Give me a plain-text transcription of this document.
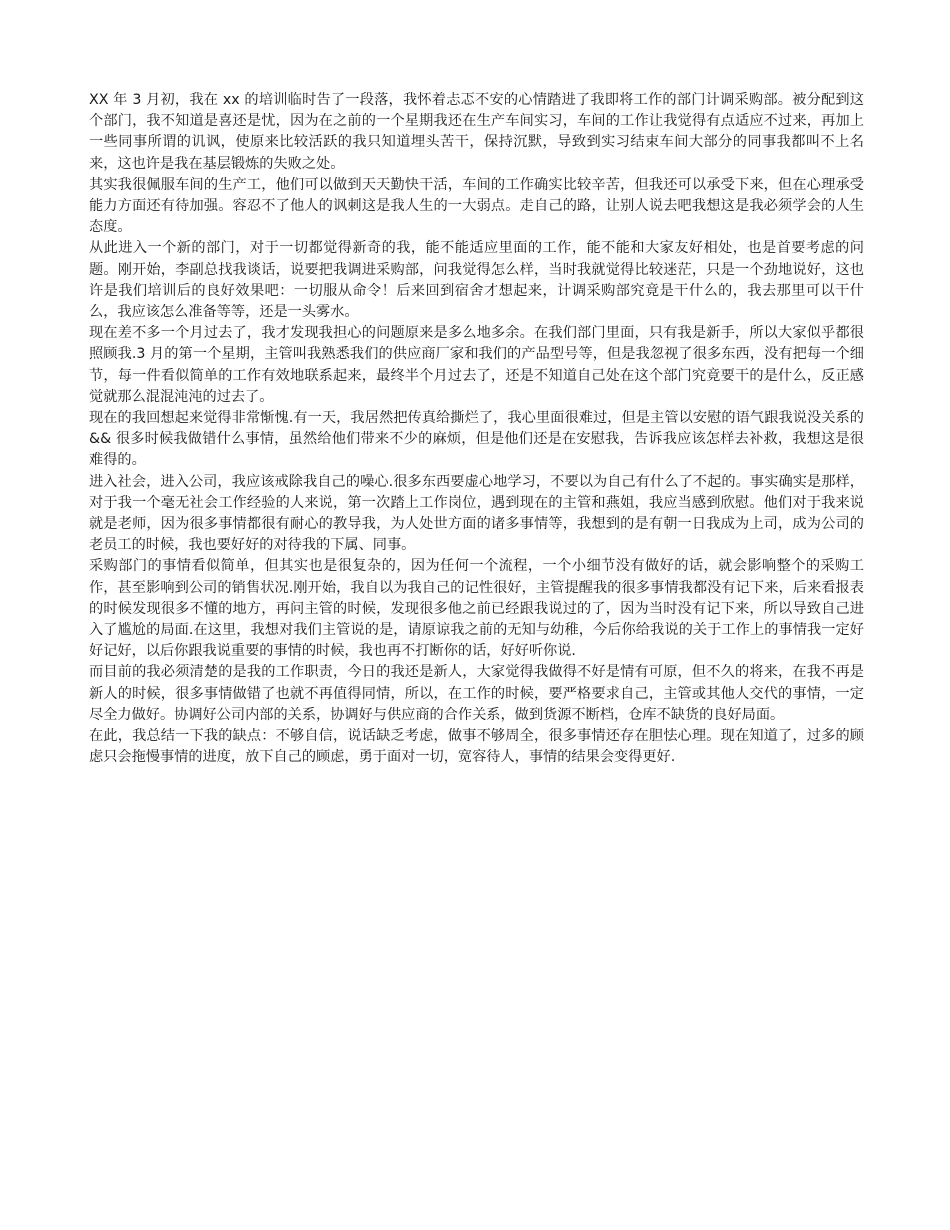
XX 年 3 月初，我在 xx 的培训临时告了一段落，我怀着忐忑不安的心情踏进了我即将工作的部门计调采购部。被分配到这个部门，我不知道是喜还是忧，因为在之前的一个星期我还在生产车间实习，车间的工作让我觉得有点适应不过来，再加上一些同事所谓的讥讽，使原来比较活跃的我只知道埋头苦干，保持沉默，导致到实习结束车间大部分的同事我都叫不上名来，这也许是我在基层锻炼的失败之处。

其实我很佩服车间的生产工，他们可以做到天天勤快干活，车间的工作确实比较辛苦，但我还可以承受下来，但在心理承受能力方面还有待加强。容忍不了他人的讽刺这是我人生的一大弱点。走自己的路，让别人说去吧我想这是我必须学会的人生态度。

从此进入一个新的部门，对于一切都觉得新奇的我，能不能适应里面的工作，能不能和大家友好相处，也是首要考虑的问题。刚开始，李副总找我谈话，说要把我调进采购部，问我觉得怎么样，当时我就觉得比较迷茫，只是一个劲地说好，这也许是我们培训后的良好效果吧：一切服从命令！后来回到宿舍才想起来，计调采购部究竟是干什么的，我去那里可以干什么，我应该怎么准备等等，还是一头雾水。

现在差不多一个月过去了，我才发现我担心的问题原来是多么地多余。在我们部门里面，只有我是新手，所以大家似乎都很照顾我.3 月的第一个星期，主管叫我熟悉我们的供应商厂家和我们的产品型号等，但是我忽视了很多东西，没有把每一个细节，每一件看似简单的工作有效地联系起来，最终半个月过去了，还是不知道自己处在这个部门究竟要干的是什么，反正感觉就那么混混沌沌的过去了。

现在的我回想起来觉得非常惭愧.有一天，我居然把传真给撕烂了，我心里面很难过，但是主管以安慰的语气跟我说没关系的&& 很多时候我做错什么事情，虽然给他们带来不少的麻烦，但是他们还是在安慰我，告诉我应该怎样去补救，我想这是很难得的。

进入社会，进入公司，我应该戒除我自己的噪心.很多东西要虚心地学习，不要以为自己有什么了不起的。事实确实是那样，对于我一个毫无社会工作经验的人来说，第一次踏上工作岗位，遇到现在的主管和燕姐，我应当感到欣慰。他们对于我来说就是老师，因为很多事情都很有耐心的教导我，为人处世方面的诸多事情等，我想到的是有朝一日我成为上司，成为公司的老员工的时候，我也要好好的对待我的下属、同事。

采购部门的事情看似简单，但其实也是很复杂的，因为任何一个流程，一个小细节没有做好的话，就会影响整个的采购工作，甚至影响到公司的销售状况.刚开始，我自以为我自己的记性很好，主管提醒我的很多事情我都没有记下来，后来看报表的时候发现很多不懂的地方，再问主管的时候，发现很多他之前已经跟我说过的了，因为当时没有记下来，所以导致自己进入了尴尬的局面.在这里，我想对我们主管说的是，请原谅我之前的无知与幼稚，今后你给我说的关于工作上的事情我一定好好记好，以后你跟我说重要的事情的时候，我也再不打断你的话，好好听你说.

而目前的我必须清楚的是我的工作职责，今日的我还是新人，大家觉得我做得不好是情有可原，但不久的将来，在我不再是新人的时候，很多事情做错了也就不再值得同情，所以，在工作的时候，要严格要求自己，主管或其他人交代的事情，一定尽全力做好。协调好公司内部的关系，协调好与供应商的合作关系，做到货源不断档，仓库不缺货的良好局面。

在此，我总结一下我的缺点：不够自信，说话缺乏考虑，做事不够周全，很多事情还存在胆怯心理。现在知道了，过多的顾虑只会拖慢事情的进度，放下自己的顾虑，勇于面对一切，宽容待人，事情的结果会变得更好.
